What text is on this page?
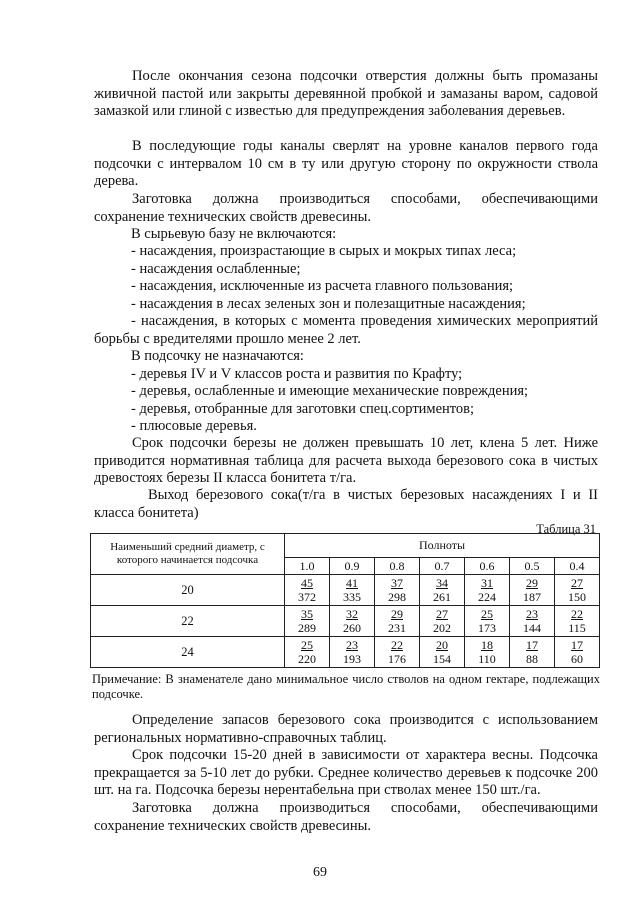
После окончания сезона подсочки отверстия должны быть промазаны живичной пастой или закрыты деревянной пробкой и замазаны варом, садовой замазкой или глиной с известью для предупреждения заболевания деревьев.
В последующие годы каналы сверлят на уровне каналов первого года подсочки с интервалом 10 см в ту или другую сторону по окружности ствола дерева.
Заготовка должна производиться способами, обеспечивающими сохранение технических свойств древесины.
В сырьевую базу не включаются:
- насаждения, произрастающие в сырых и мокрых типах леса;
- насаждения ослабленные;
- насаждения, исключенные из расчета главного пользования;
- насаждения в лесах зеленых зон и полезащитные насаждения;
- насаждения, в которых с момента проведения химических мероприятий борьбы с вредителями прошло менее 2 лет.
В подсочку не назначаются:
- деревья IV и V классов роста и развития по Крафту;
- деревья, ослабленные и имеющие механические повреждения;
- деревья, отобранные для заготовки спец.сортиментов;
- плюсовые деревья.
Срок подсочки березы не должен превышать 10 лет, клена 5 лет. Ниже приводится нормативная таблица для расчета выхода березового сока в чистых древостоях березы II класса бонитета т/га.
Выход березового сока(т/га в чистых березовых насаждениях I и II класса бонитета)
Таблица 31
Наименьший средний диаметр, с которого начинается подсочка	Полноты						
	1.0	0.9	0.8	0.7	0.6	0.5	0.4
20	$\frac{45}{372}$	$\frac{41}{335}$	$\frac{37}{298}$	$\frac{34}{261}$	$\frac{31}{224}$	$\frac{29}{187}$	$\frac{27}{150}$

22	$\frac{35}{289}$	$\frac{32}{260}$	$\frac{29}{231}$	$\frac{27}{202}$	$\frac{25}{173}$	$\frac{23}{144}$	$\frac{22}{115}$

24	$\frac{25}{220}$	$\frac{23}{193}$	$\frac{22}{176}$	$\frac{20}{154}$	$\frac{18}{110}$	$\frac{17}{88}$	$\frac{17}{60}$
Примечание: В знаменателе дано минимальное число стволов на одном гектаре, подлежащих подсочке.
Определение запасов березового сока производится с использованием региональных нормативно-справочных таблиц.
Срок подсочки 15-20 дней в зависимости от характера весны. Подсочка прекращается за 5-10 лет до рубки. Среднее количество деревьев к подсочке 200 шт. на га. Подсочка березы нерентабельна при стволах менее 150 шт./га.
Заготовка должна производиться способами, обеспечивающими сохранение технических свойств древесины.
69
